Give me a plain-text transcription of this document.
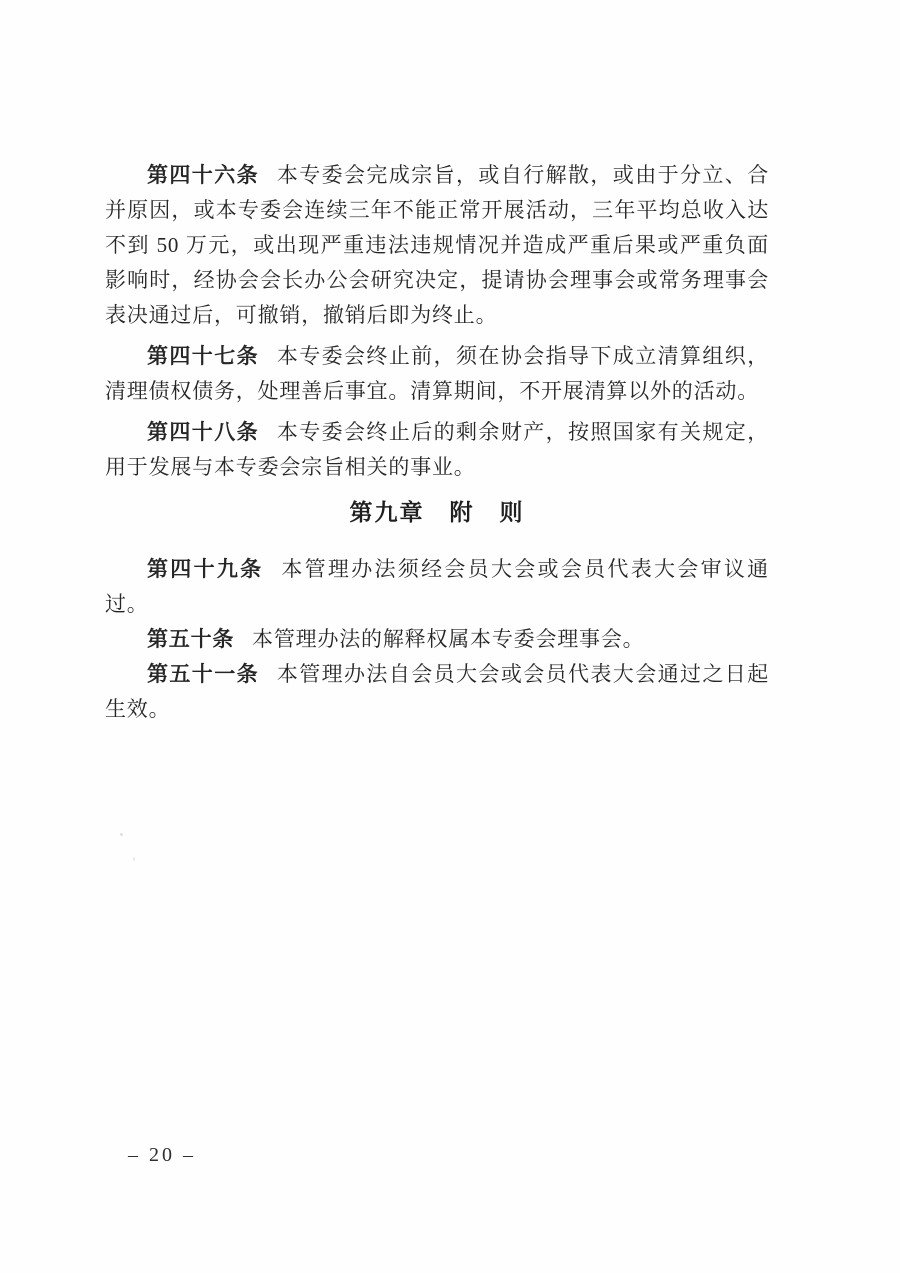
第四十六条 本专委会完成宗旨，或自行解散，或由于分立、合并原因，或本专委会连续三年不能正常开展活动，三年平均总收入达不到 50 万元，或出现严重违法违规情况并造成严重后果或严重负面影响时，经协会会长办公会研究决定，提请协会理事会或常务理事会表决通过后，可撤销，撤销后即为终止。

第四十七条 本专委会终止前，须在协会指导下成立清算组织，清理债权债务，处理善后事宜。清算期间，不开展清算以外的活动。

第四十八条 本专委会终止后的剩余财产，按照国家有关规定，用于发展与本专委会宗旨相关的事业。

第九章　附　则

第四十九条 本管理办法须经会员大会或会员代表大会审议通过。

第五十条 本管理办法的解释权属本专委会理事会。

第五十一条 本管理办法自会员大会或会员代表大会通过之日起生效。

– 20 –
